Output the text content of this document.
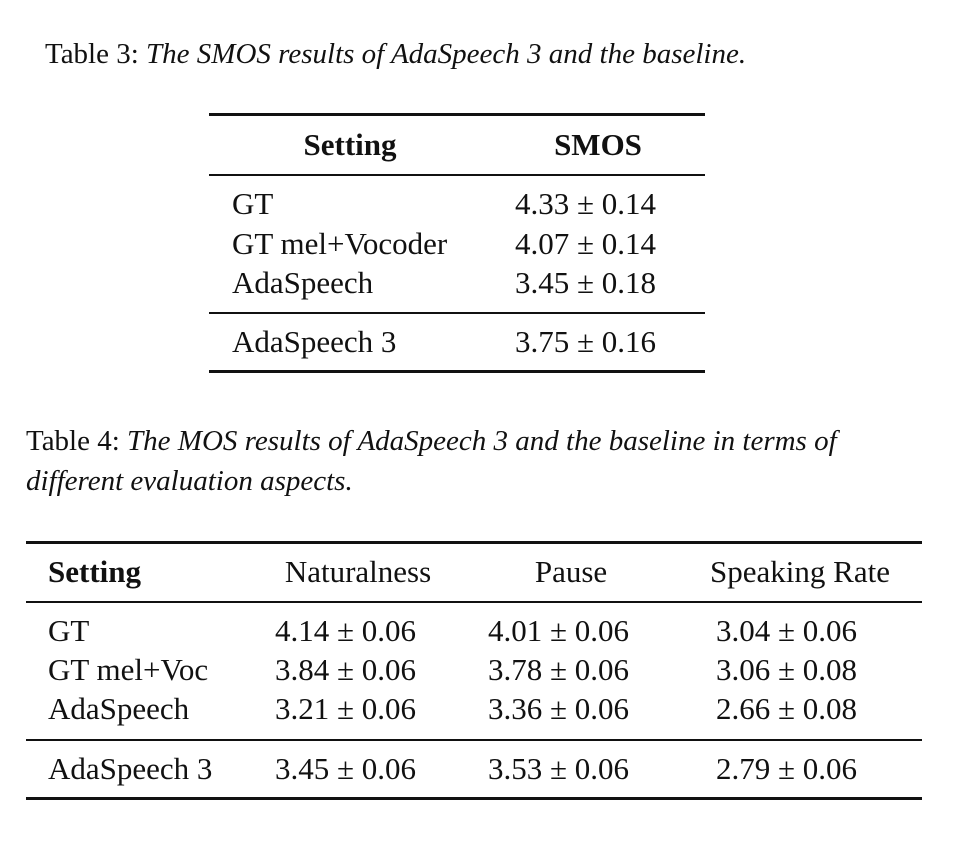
Table 3: The SMOS results of AdaSpeech 3 and the baseline.

Setting	SMOS
GT	4.33 ± 0.14
GT mel+Vocoder 4.07 ± 0.14
AdaSpeech	3.45 ± 0.18
AdaSpeech 3	3.75 ± 0.16

Table 4: The MOS results of AdaSpeech 3 and the baseline in terms of different evaluation aspects.

Setting	Naturalness	Pause	Speaking Rate
GT	4.14 ± 0.06 4.01 ± 0.06	3.04 ± 0.06
GT mel+Voc 3.84 ± 0.06 3.78 ± 0.06	3.06 ± 0.08
AdaSpeech	3.21 ± 0.06 3.36 ± 0.06	2.66 ± 0.08
AdaSpeech 3 3.45 ± 0.06 3.53 ± 0.06	2.79 ± 0.06
